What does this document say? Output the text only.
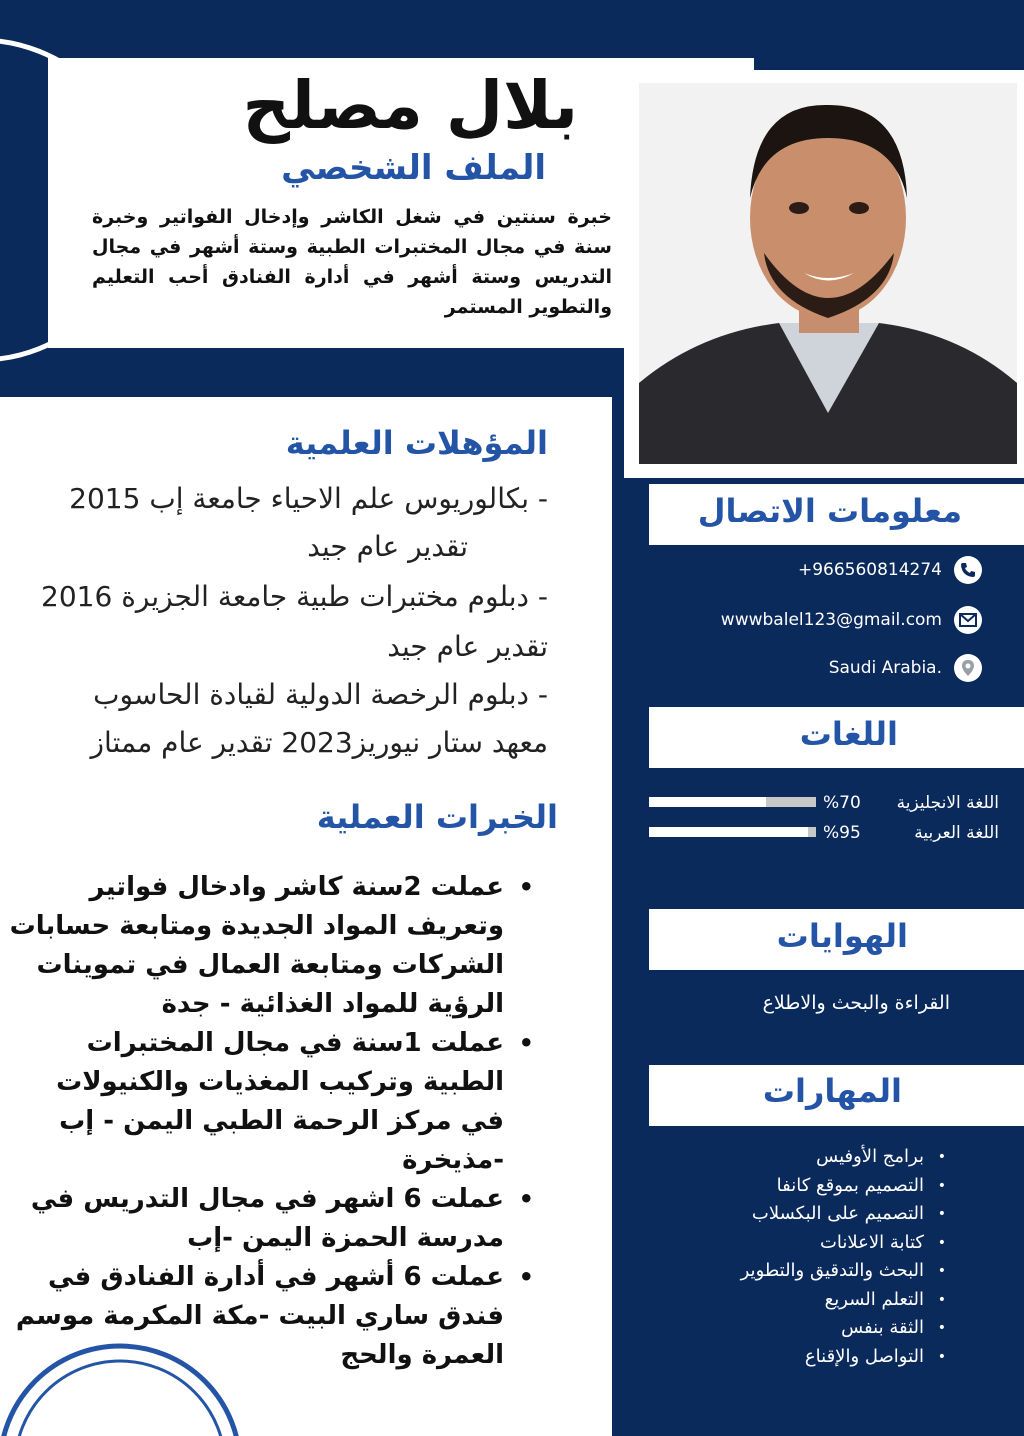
بلال مصلح
الملف الشخصي

خبرة سنتين في شغل الكاشر وإدخال الفواتير وخبرة سنة في مجال المختبرات الطبية وستة أشهر في مجال التدريس وستة أشهر في أدارة الفنادق أحب التعليم والتطوير المستمر

المؤهلات العلمية

- بكالوريوس علم الاحياء جامعة إب 2015

تقدير عام جيد

- دبلوم مختبرات طبية جامعة الجزيرة 2016

تقدير عام جيد

- دبلوم الرخصة الدولية لقيادة الحاسوب

معهد ستار نيوريز2023 تقدير عام ممتاز

الخبرات العملية
• عملت 2سنة كاشر وادخال فواتير وتعريف المواد الجديدة ومتابعة حسابات الشركات ومتابعة العمال في تموينات الرؤية للمواد الغذائية - جدة
• عملت 1سنة في مجال المختبرات الطبية وتركيب المغذيات والكنيولات في مركز الرحمة الطبي اليمن - إب -مذيخرة
• عملت 6 اشهر في مجال التدريس في مدرسة الحمزة اليمن -إب
• عملت 6 أشهر في أدارة الفنادق في فندق ساري البيت -مكة المكرمة موسم العمرة والحج
معلومات الاتصال
+966560814274
wwwbalel123@gmail.com
Saudi Arabia.
اللغات
%70 اللغة الانجليزية
%95	اللغة العربية
الهوايات
القراءة والبحث والاطلاع
المهارات
• برامج الأوفيس
• التصميم بموقع كانفا
• التصميم على البكسلاب
• كتابة الاعلانات
• البحث والتدقيق والتطوير
• التعلم السريع
• الثقة بنفس
• التواصل والإقناع
